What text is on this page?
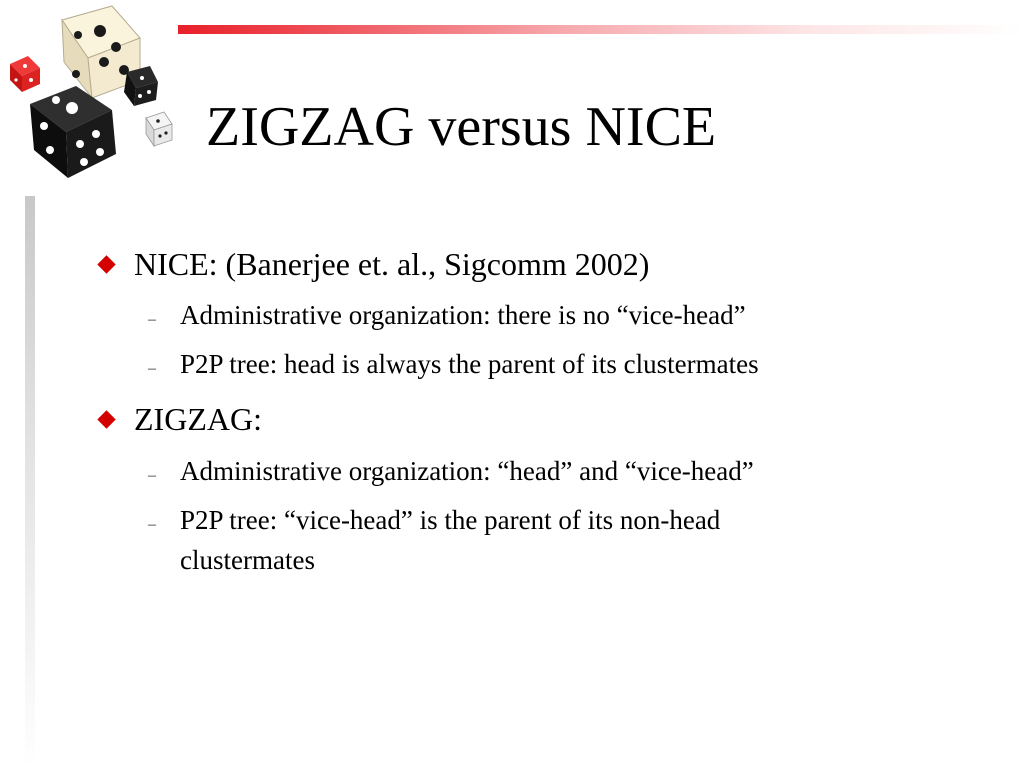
ZIGZAG versus NICE
NICE: (Banerjee et. al., Sigcomm 2002)
– Administrative organization: there is no “vice-head”
– P2P tree: head is always the parent of its clustermates
ZIGZAG:
– Administrative organization: “head” and “vice-head”
– P2P tree: “vice-head” is the parent of its non-head
clustermates
